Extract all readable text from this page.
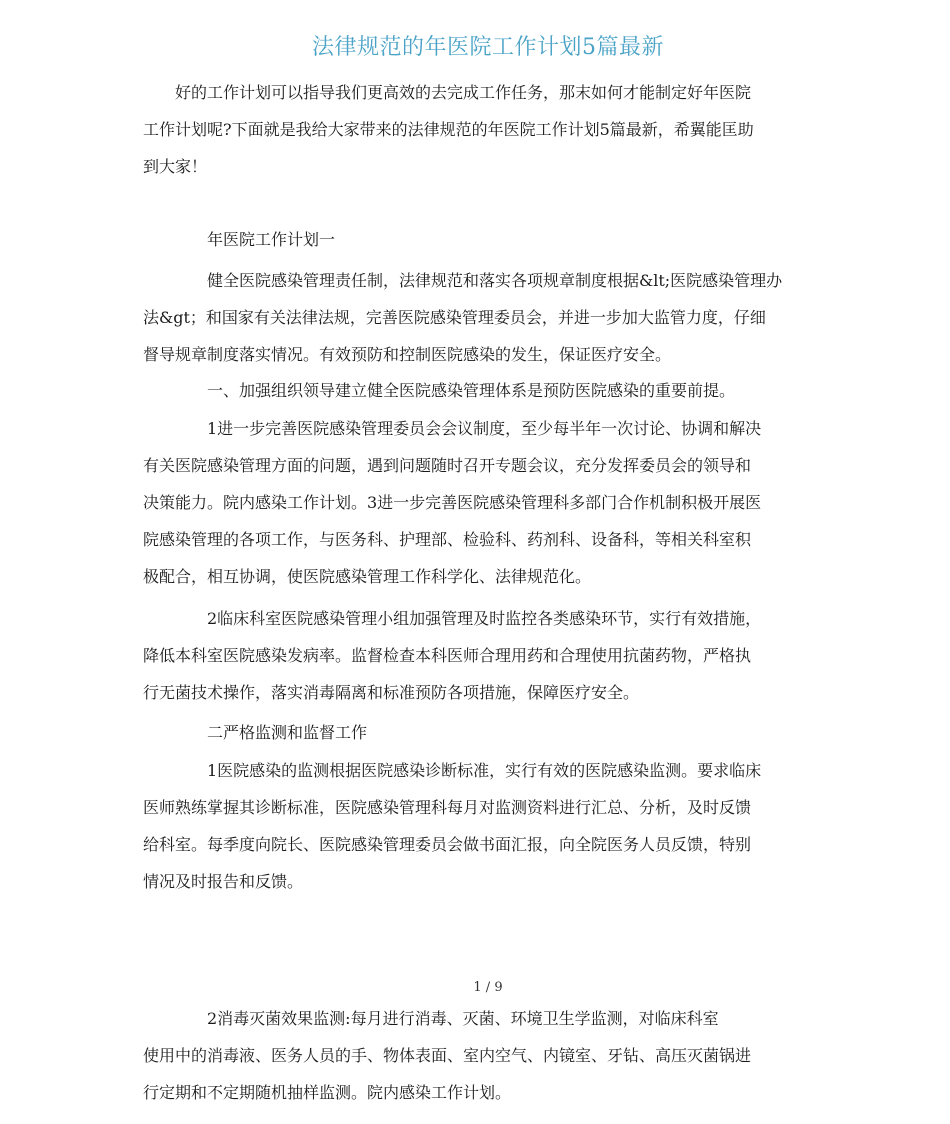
法律规范的年医院工作计划5篇最新
好的工作计划可以指导我们更高效的去完成工作任务，那末如何才能制定好年医院
工作计划呢?下面就是我给大家带来的法律规范的年医院工作计划5篇最新，希翼能匡助
到大家！
年医院工作计划一
健全医院感染管理责任制，法律规范和落实各项规章制度根据&lt;医院感染管理办
法&gt；和国家有关法律法规，完善医院感染管理委员会，并进一步加大监管力度，仔细
督导规章制度落实情况。有效预防和控制医院感染的发生，保证医疗安全。
一、加强组织领导建立健全医院感染管理体系是预防医院感染的重要前提。
1进一步完善医院感染管理委员会会议制度，至少每半年一次讨论、协调和解决
有关医院感染管理方面的问题，遇到问题随时召开专题会议，充分发挥委员会的领导和
决策能力。院内感染工作计划。3进一步完善医院感染管理科多部门合作机制积极开展医
院感染管理的各项工作，与医务科、护理部、检验科、药剂科、设备科，等相关科室积
极配合，相互协调，使医院感染管理工作科学化、法律规范化。
2临床科室医院感染管理小组加强管理及时监控各类感染环节，实行有效措施，
降低本科室医院感染发病率。监督检查本科医师合理用药和合理使用抗菌药物，严格执
行无菌技术操作，落实消毒隔离和标准预防各项措施，保障医疗安全。
二严格监测和监督工作
1医院感染的监测根据医院感染诊断标准，实行有效的医院感染监测。要求临床
医师熟练掌握其诊断标准，医院感染管理科每月对监测资料进行汇总、分析，及时反馈
给科室。每季度向院长、医院感染管理委员会做书面汇报，向全院医务人员反馈，特别
情况及时报告和反馈。
1 / 9
2消毒灭菌效果监测:每月进行消毒、灭菌、环境卫生学监测，对临床科室
使用中的消毒液、医务人员的手、物体表面、室内空气、内镜室、牙钻、高压灭菌锅进
行定期和不定期随机抽样监测。院内感染工作计划。
